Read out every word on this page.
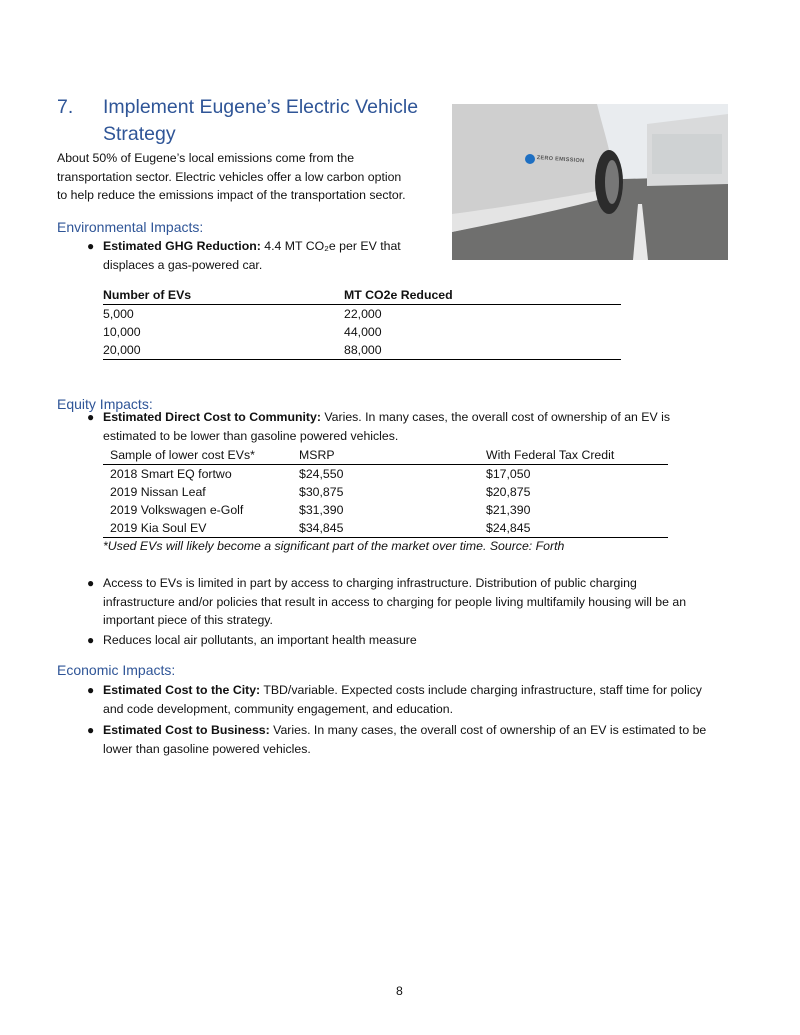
7. Implement Eugene’s Electric Vehicle
Strategy
About 50% of Eugene’s local emissions come from the
transportation sector. Electric vehicles offer a low carbon option
to help reduce the emissions impact of the transportation sector.
ZERO EMISSION
Environmental Impacts:
● Estimated GHG Reduction: 4.4 MT CO₂e per EV that
displaces a gas-powered car.
Number of EVs	MT CO2e Reduced
5,000	22,000
10,000	44,000
20,000	88,000
Equity Impacts:
● Estimated Direct Cost to Community: Varies. In many cases, the overall cost of ownership of an EV is
estimated to be lower than gasoline powered vehicles.
Sample of lower cost EVs*	MSRP	With Federal Tax Credit
2018 Smart EQ fortwo	$24,550	$17,050
2019 Nissan Leaf	$30,875	$20,875
2019 Volkswagen e-Golf	$31,390	$21,390
2019 Kia Soul EV	$34,845	$24,845
*Used EVs will likely become a significant part of the market over time. Source: Forth
● Access to EVs is limited in part by access to charging infrastructure. Distribution of public charging
infrastructure and/or policies that result in access to charging for people living multifamily housing will be an
important piece of this strategy.
● Reduces local air pollutants, an important health measure
Economic Impacts:
● Estimated Cost to the City: TBD/variable. Expected costs include charging infrastructure, staff time for policy
and code development, community engagement, and education.
● Estimated Cost to Business: Varies. In many cases, the overall cost of ownership of an EV is estimated to be
lower than gasoline powered vehicles.
8
